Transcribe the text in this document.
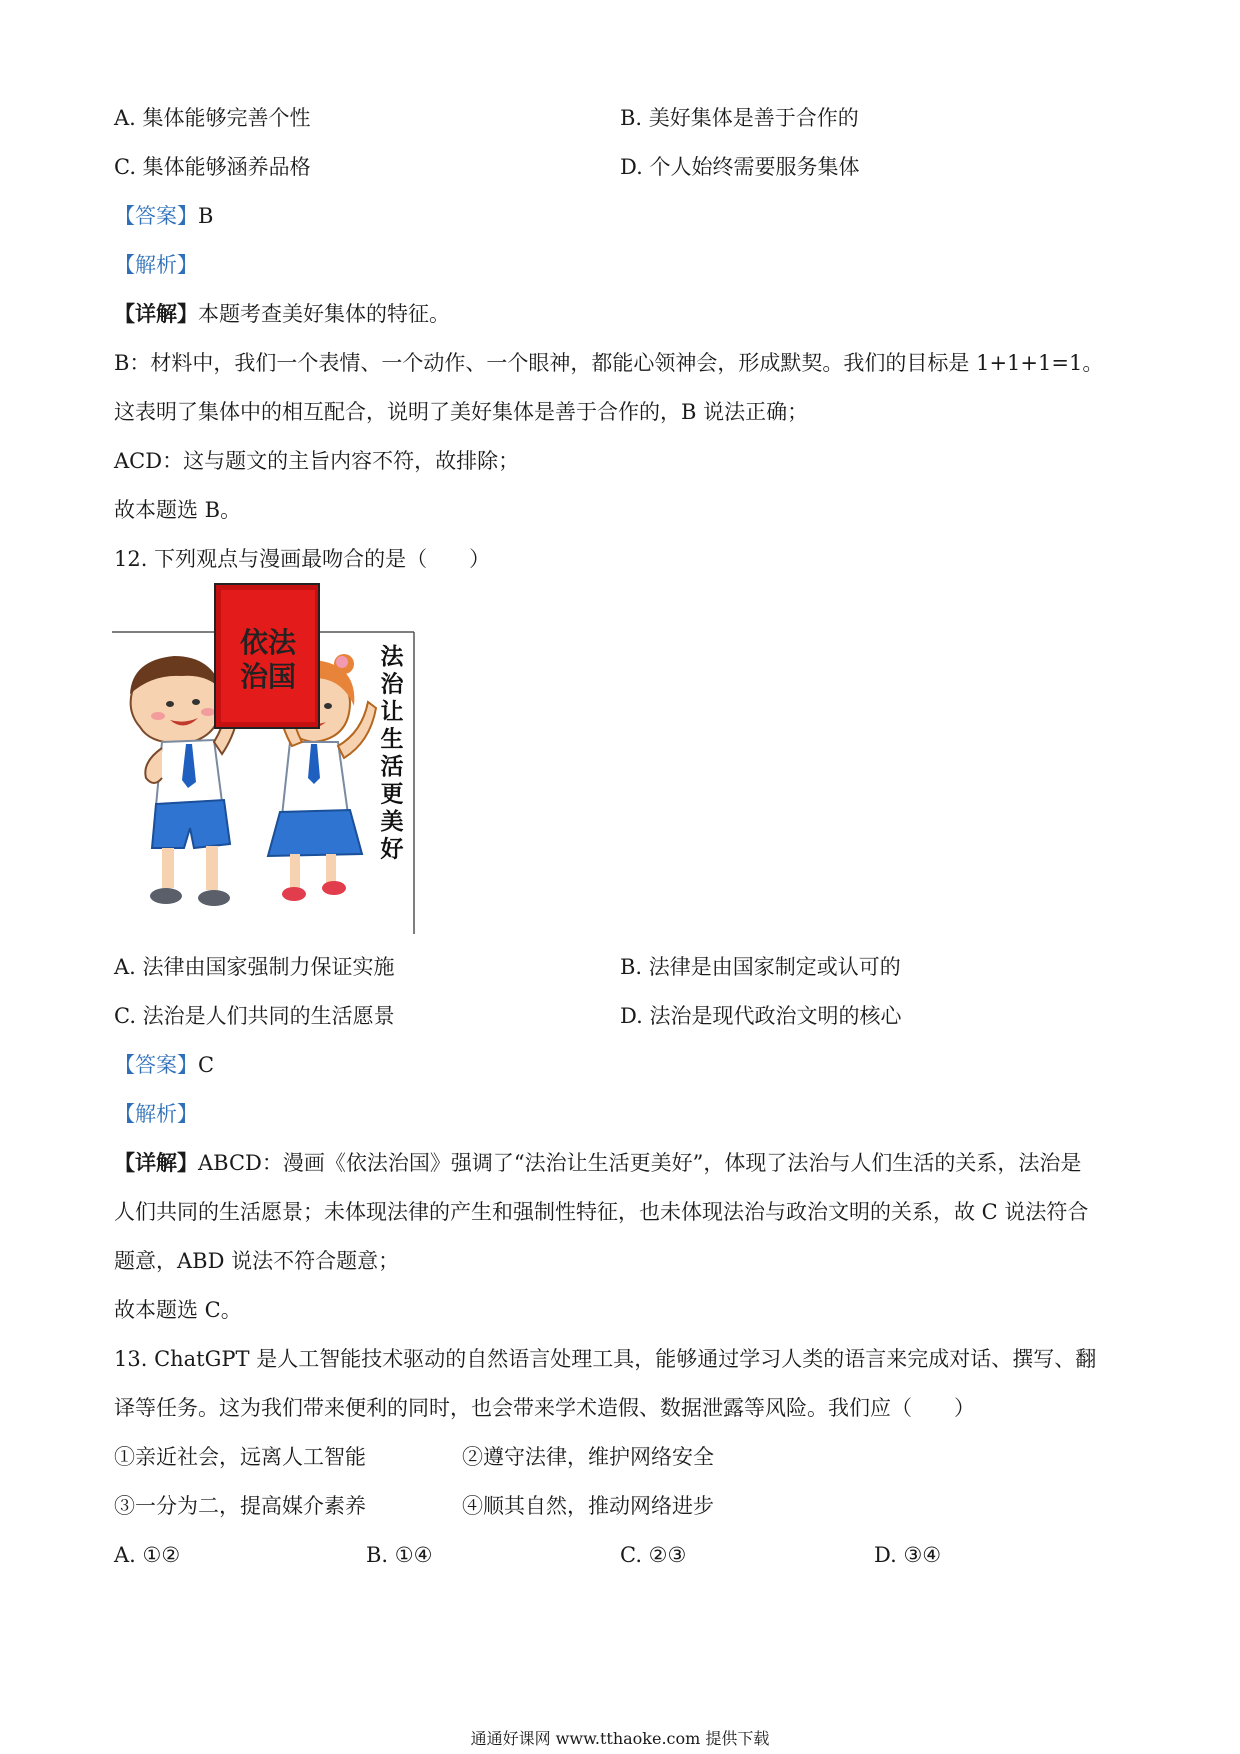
A. 集体能够完善个性	B. 美好集体是善于合作的
C. 集体能够涵养品格	D. 个人始终需要服务集体
【答案】B
【解析】
【详解】本题考查美好集体的特征。
B：材料中，我们一个表情、一个动作、一个眼神，都能心领神会，形成默契。我们的目标是 1+1+1=1。
这表明了集体中的相互配合，说明了美好集体是善于合作的，B 说法正确；
ACD：这与题文的主旨内容不符，故排除；
故本题选 B。
12. 下列观点与漫画最吻合的是（　　）
依法
治国
法
治
让
生
活
更
美
好
A. 法律由国家强制力保证实施	B. 法律是由国家制定或认可的
C. 法治是人们共同的生活愿景	D. 法治是现代政治文明的核心
【答案】C
【解析】
【详解】ABCD：漫画《依法治国》强调了“法治让生活更美好”，体现了法治与人们生活的关系，法治是
人们共同的生活愿景；未体现法律的产生和强制性特征，也未体现法治与政治文明的关系，故 C 说法符合
题意，ABD 说法不符合题意；
故本题选 C。
13. ChatGPT 是人工智能技术驱动的自然语言处理工具，能够通过学习人类的语言来完成对话、撰写、翻
译等任务。这为我们带来便利的同时，也会带来学术造假、数据泄露等风险。我们应（　　）
①亲近社会，远离人工智能	②遵守法律，维护网络安全
③一分为二，提高媒介素养	④顺其自然，推动网络进步
A. ①②	B. ①④	C. ②③	D. ③④
通通好课网 www.tthaoke.com 提供下载
